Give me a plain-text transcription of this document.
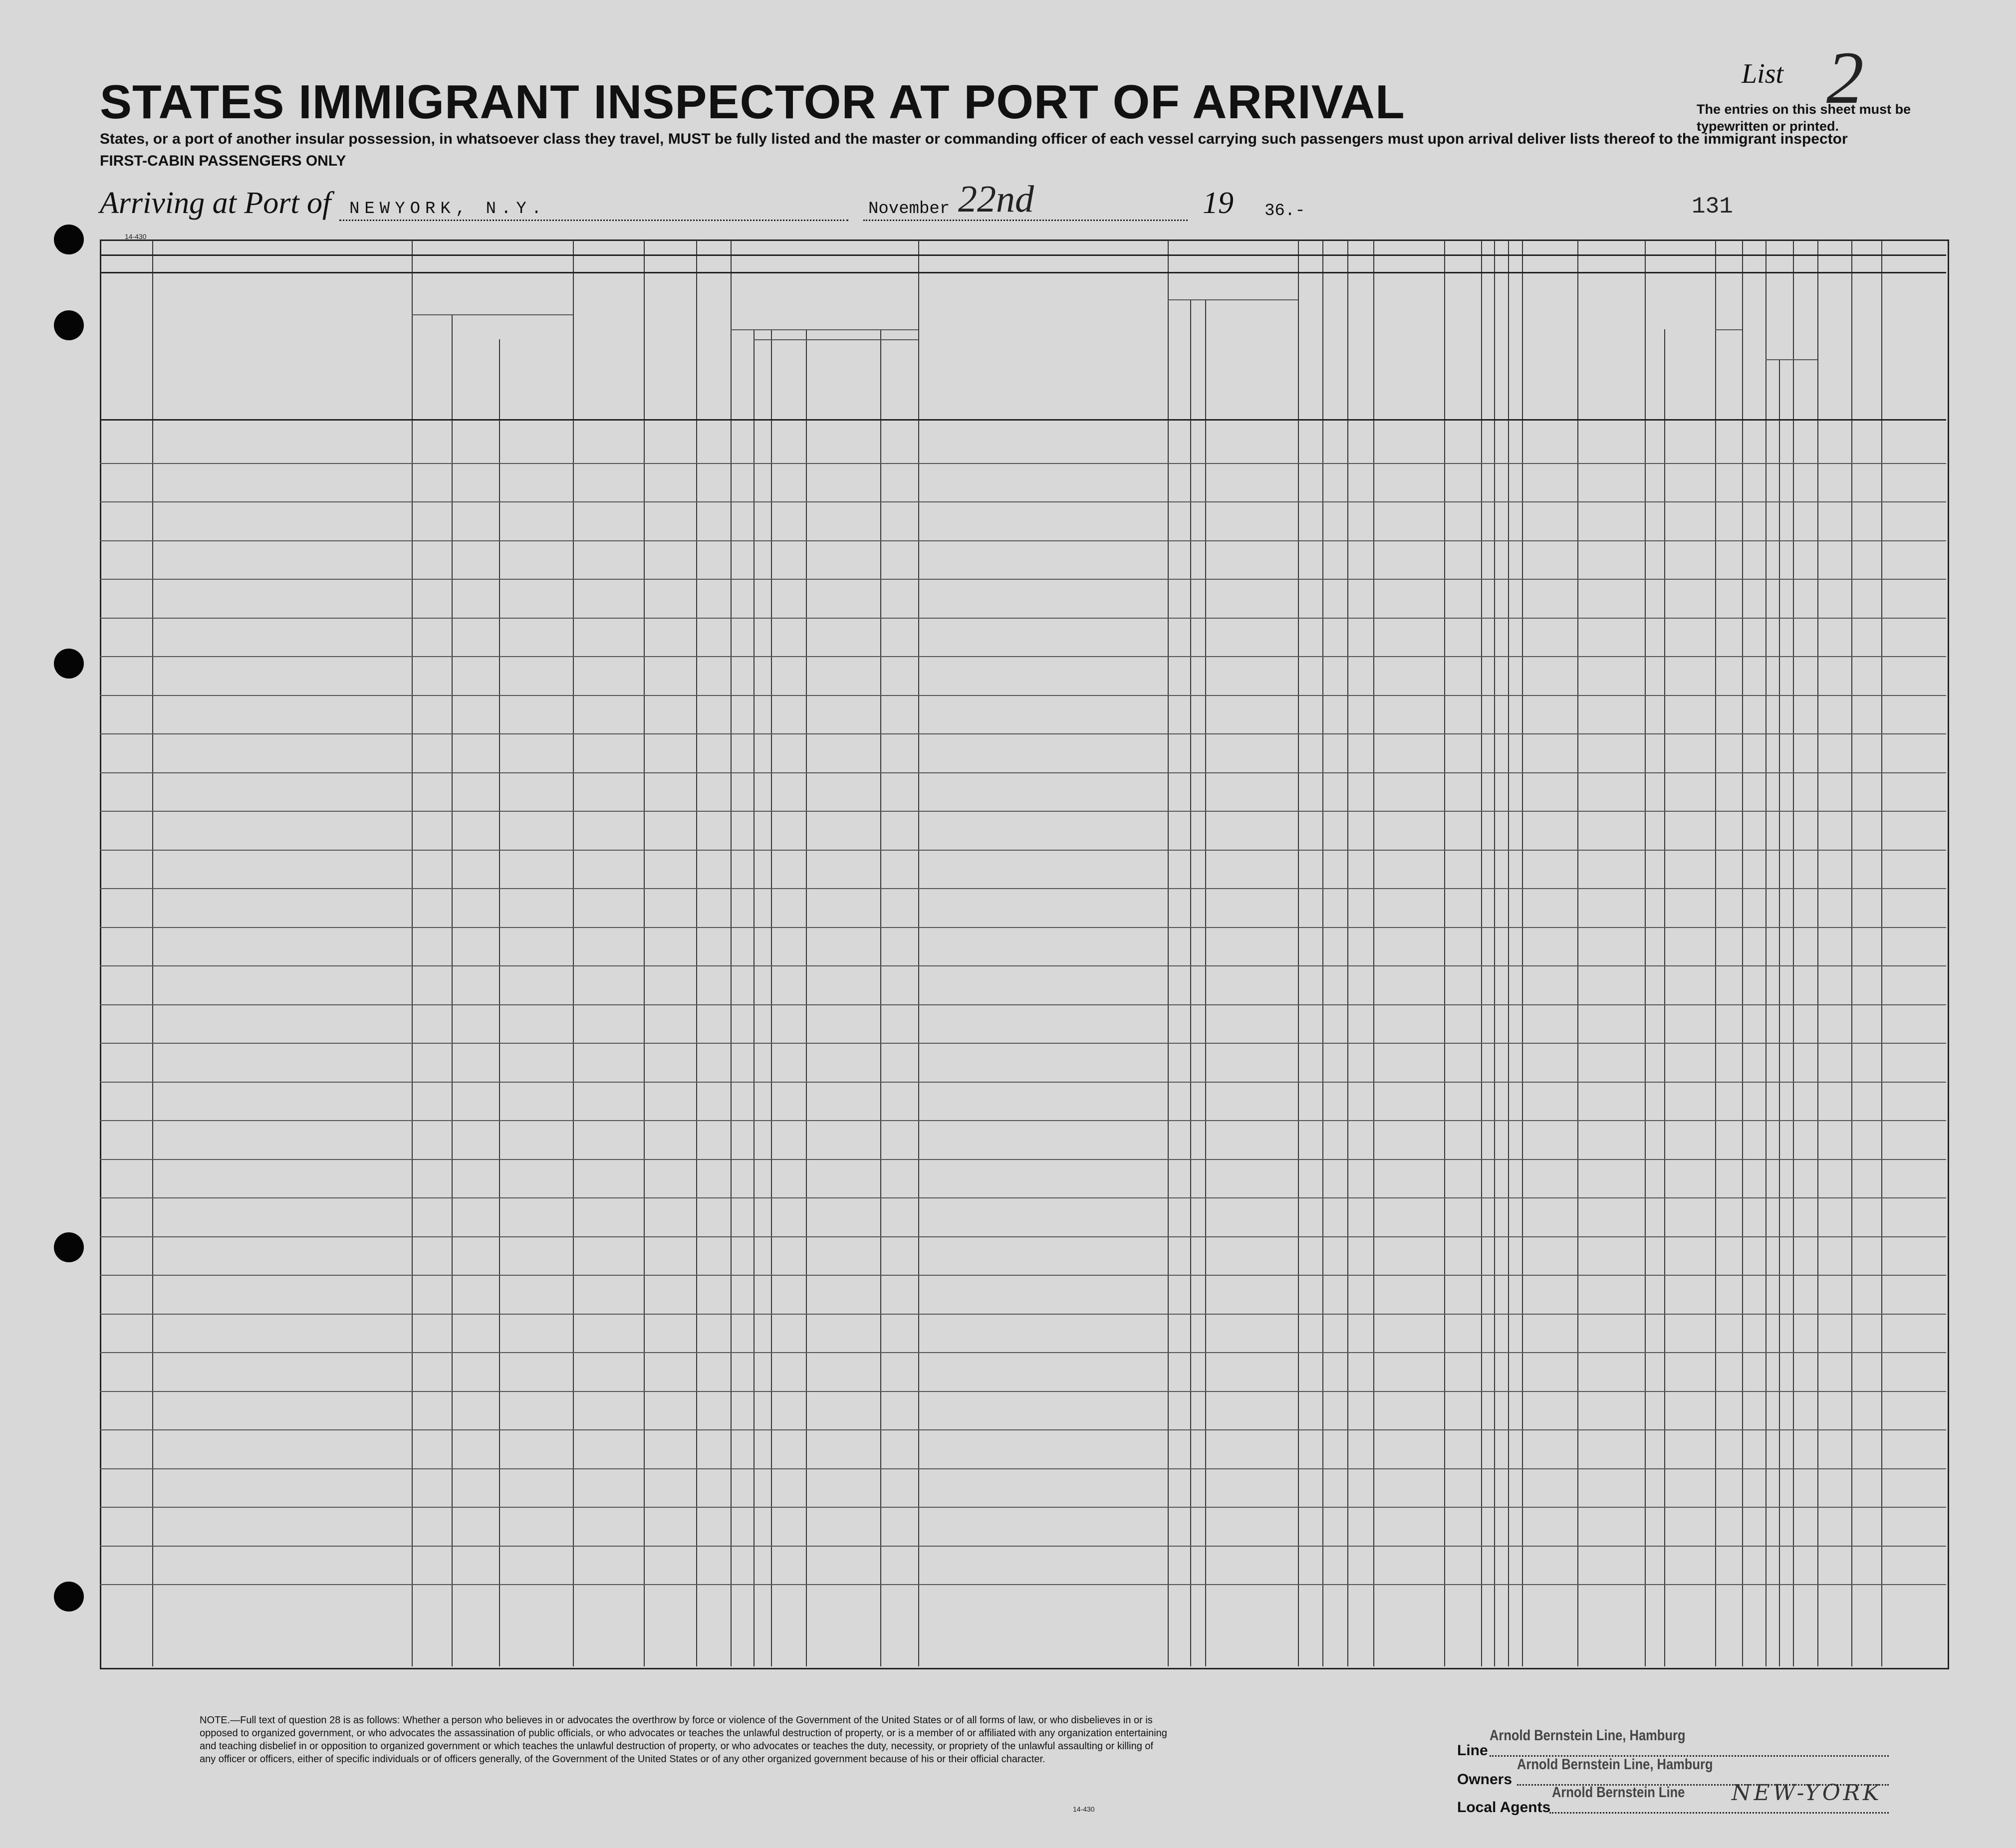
STATES IMMIGRANT INSPECTOR AT PORT OF ARRIVAL
States, or a port of another insular possession, in whatsoever class they travel, MUST be fully listed and the master or commanding officer of each vessel carrying such passengers must upon arrival deliver lists thereof to the immigrant inspector
FIRST-CABIN PASSENGERS ONLY
List 2
The entries on this sheet must be typewritten or printed.
Arriving at Port of NEWYORK, N.Y.	November 22nd	19 36.-	131
14-430
NOTE.—Full text of question 28 is as follows: Whether a person who believes in or advocates the overthrow by force or violence of the Government of the United States or of all forms of law, or who disbelieves in or is opposed to organized government, or who advocates the assassination of public officials, or who advocates or teaches the unlawful destruction of property, or is a member of or affiliated with any organization entertaining and teaching disbelief in or opposition to organized government or which teaches the unlawful destruction of property, or who advocates or teaches the duty, necessity, or propriety of the unlawful assaulting or killing of any officer or officers, either of specific individuals or of officers generally, of the Government of the United States or of any other organized government because of his or their official character.
14-430
Line
Arnold Bernstein Line, Hamburg
Owners
Arnold Bernstein Line, Hamburg
Local Agents
Arnold Bernstein Line NEW-YORK
